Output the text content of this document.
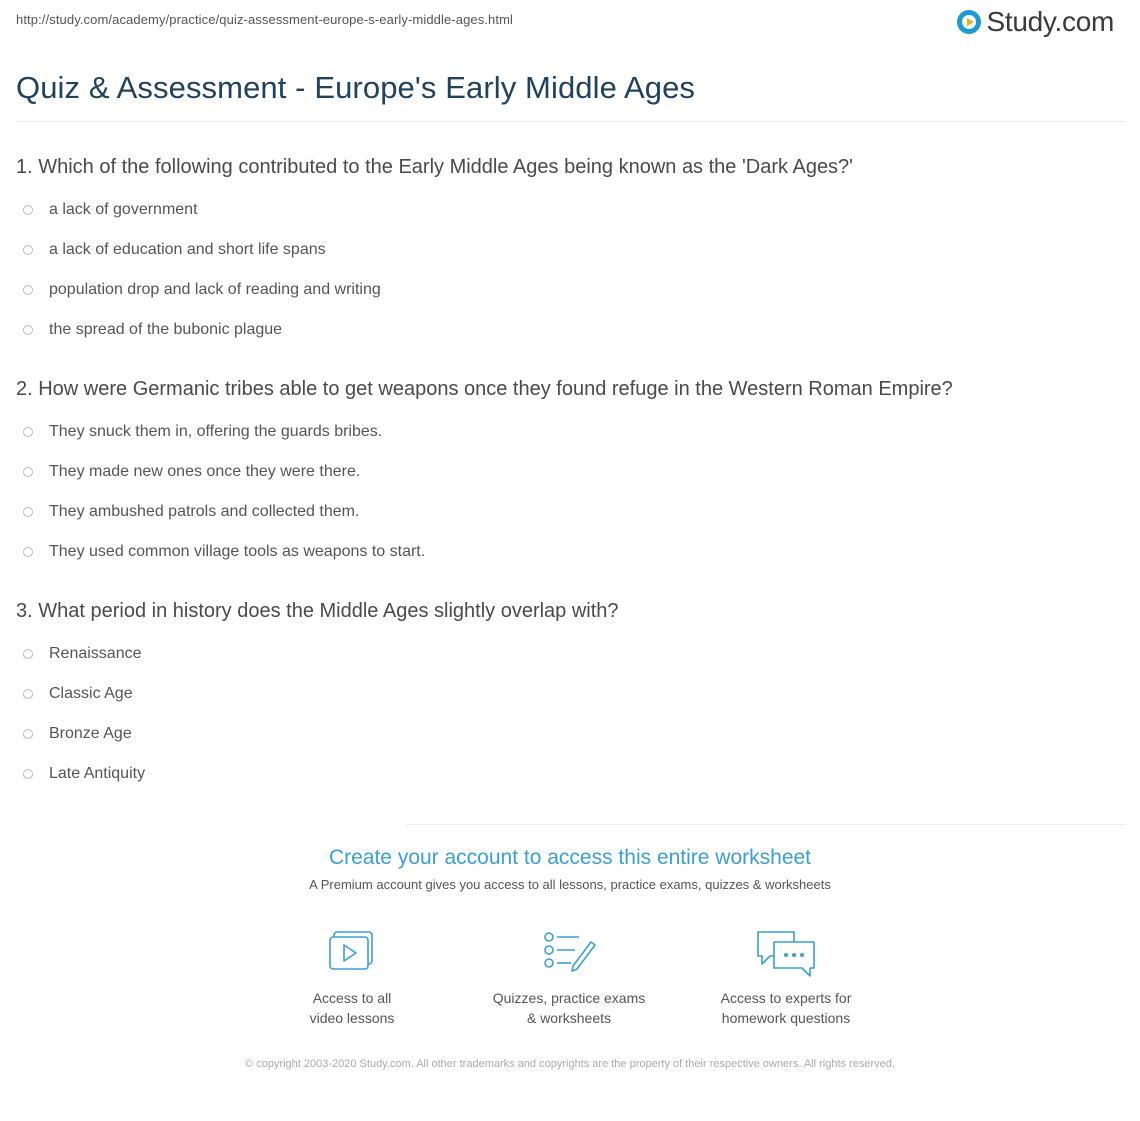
http://study.com/academy/practice/quiz-assessment-europe-s-early-middle-ages.html	Study.com
Quiz & Assessment - Europe's Early Middle Ages

1. Which of the following contributed to the Early Middle Ages being known as the 'Dark Ages?'

a lack of government
a lack of education and short life spans
population drop and lack of reading and writing
the spread of the bubonic plague

2. How were Germanic tribes able to get weapons once they found refuge in the Western Roman Empire?

They snuck them in, offering the guards bribes.
They made new ones once they were there.
They ambushed patrols and collected them.
They used common village tools as weapons to start.

3. What period in history does the Middle Ages slightly overlap with?

Renaissance
Classic Age
Bronze Age
Late Antiquity
Create your account to access this entire worksheet
A Premium account gives you access to all lessons, practice exams, quizzes & worksheets
Access to all
video lessons
Quizzes, practice exams
& worksheets
Access to experts for
homework questions
© copyright 2003-2020 Study.com. All other trademarks and copyrights are the property of their respective owners. All rights reserved.
